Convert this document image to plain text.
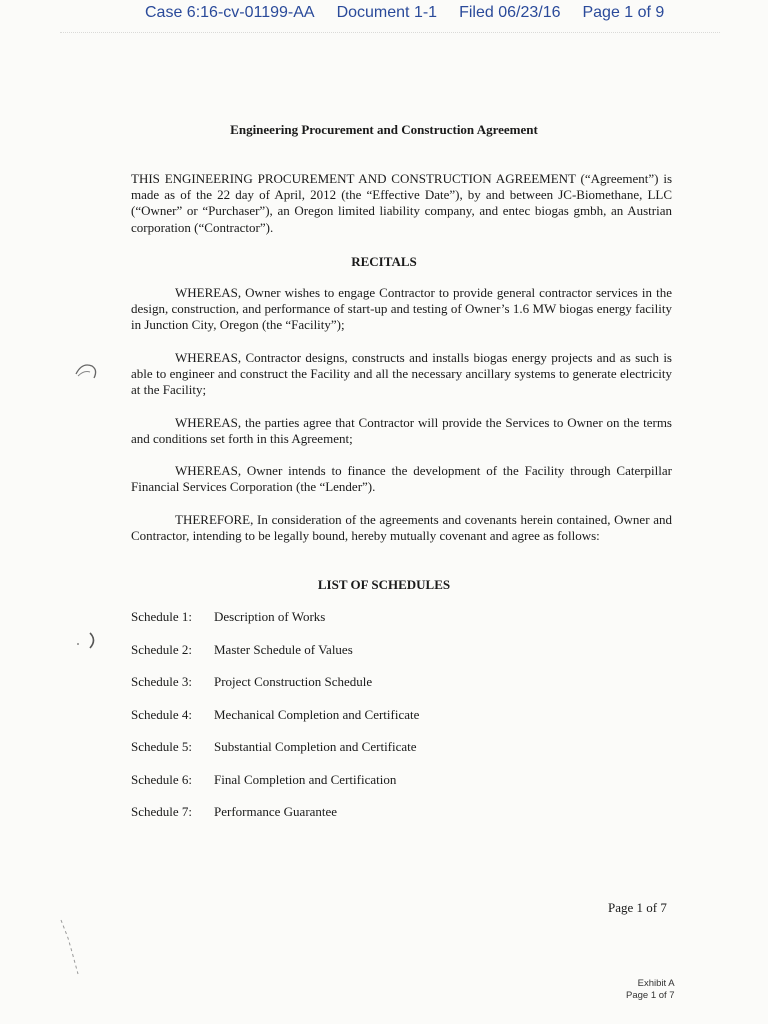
Case 6:16-cv-01199-AA Document 1-1 Filed 06/23/16 Page 1 of 9
Engineering Procurement and Construction Agreement
THIS ENGINEERING PROCUREMENT AND CONSTRUCTION AGREEMENT (“Agreement”) is made as of the 22 day of April, 2012 (the “Effective Date”), by and between JC-Biomethane, LLC (“Owner” or “Purchaser”), an Oregon limited liability company, and entec biogas gmbh, an Austrian corporation (“Contractor”).
RECITALS
WHEREAS, Owner wishes to engage Contractor to provide general contractor services in the design, construction, and performance of start-up and testing of Owner’s 1.6 MW biogas energy facility in Junction City, Oregon (the “Facility”);
WHEREAS, Contractor designs, constructs and installs biogas energy projects and as such is able to engineer and construct the Facility and all the necessary ancillary systems to generate electricity at the Facility;
WHEREAS, the parties agree that Contractor will provide the Services to Owner on the terms and conditions set forth in this Agreement;
WHEREAS, Owner intends to finance the development of the Facility through Caterpillar Financial Services Corporation (the “Lender”).
THEREFORE, In consideration of the agreements and covenants herein contained, Owner and Contractor, intending to be legally bound, hereby mutually covenant and agree as follows:
LIST OF SCHEDULES
Schedule 1: Description of Works
Schedule 2: Master Schedule of Values
Schedule 3: Project Construction Schedule
Schedule 4: Mechanical Completion and Certificate
Schedule 5: Substantial Completion and Certificate
Schedule 6: Final Completion and Certification
Schedule 7: Performance Guarantee
Page 1 of 7
Exhibit A
Page 1 of 7
